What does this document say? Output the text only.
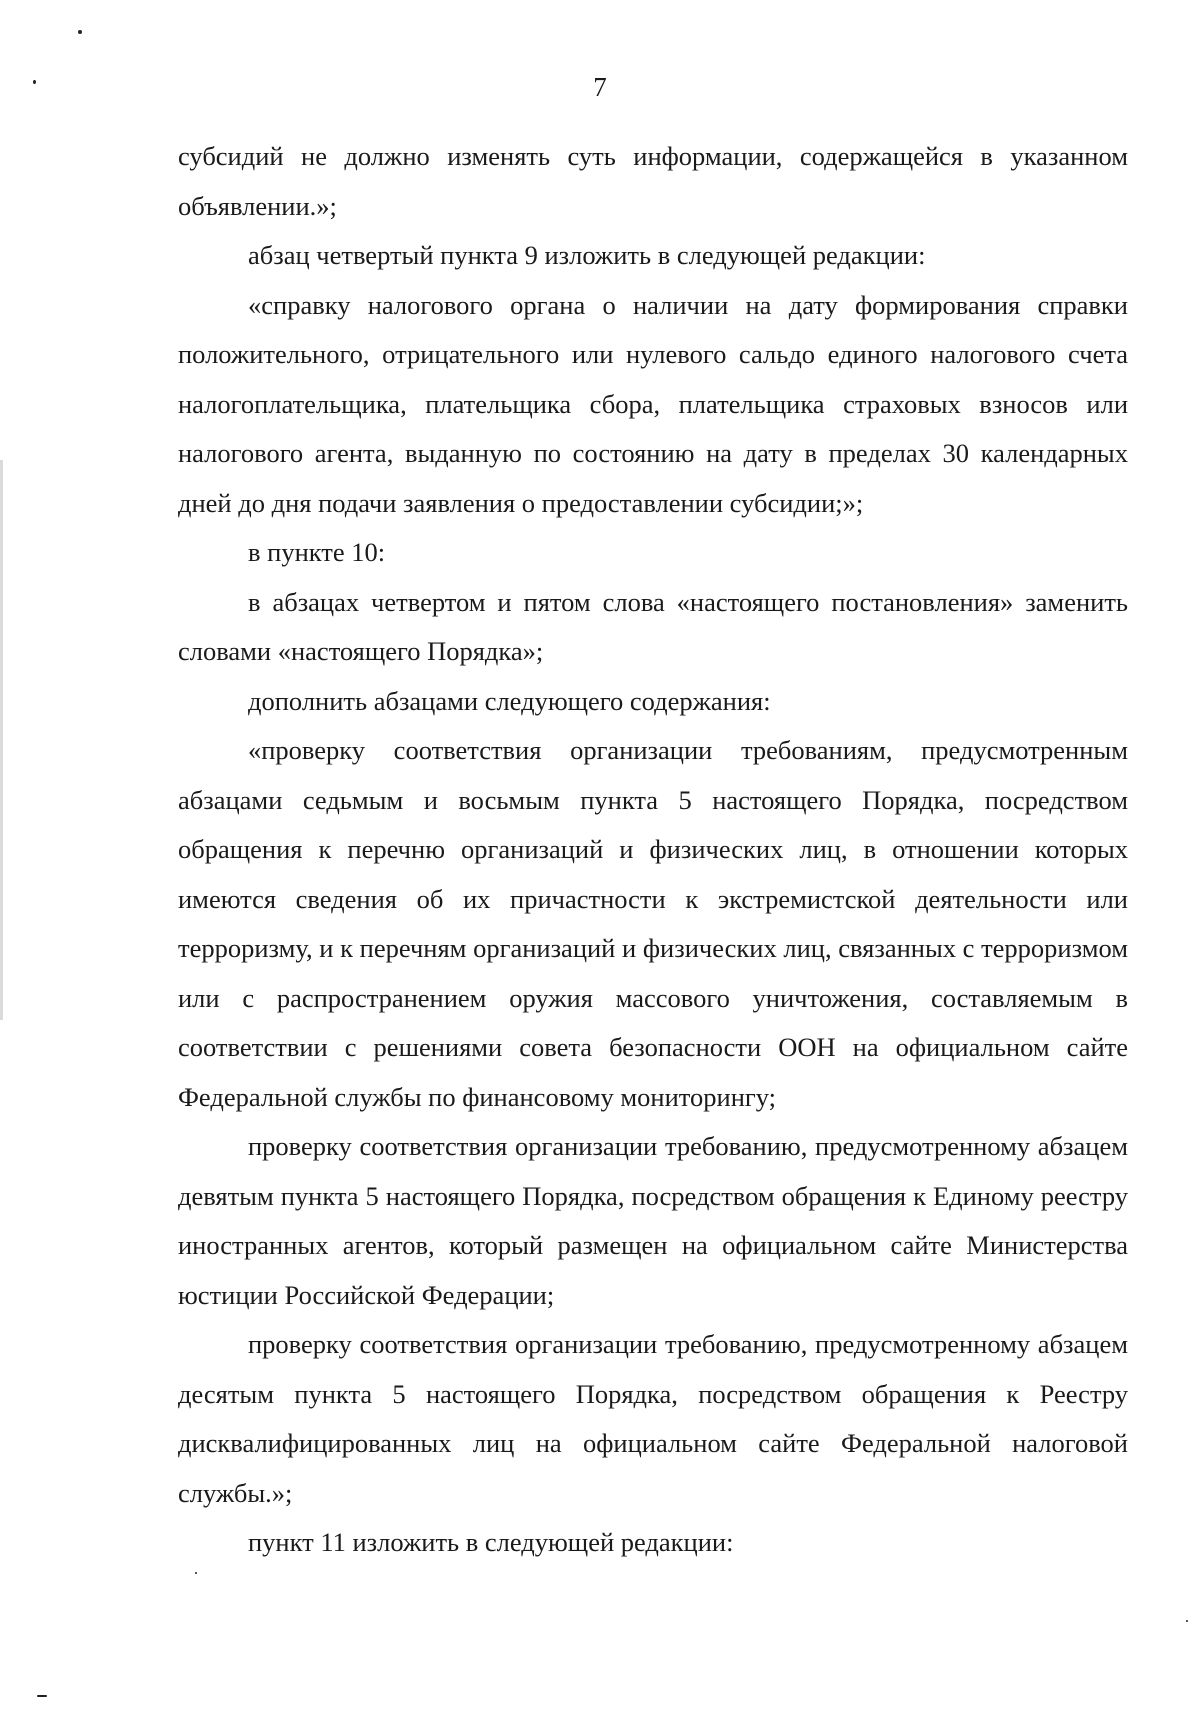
7

субсидий не должно изменять суть информации, содержащейся в указанном объявлении.»;

абзац четвертый пункта 9 изложить в следующей редакции:

«справку налогового органа о наличии на дату формирования справки положительного, отрицательного или нулевого сальдо единого налогового счета налогоплательщика, плательщика сбора, плательщика страховых взносов или налогового агента, выданную по состоянию на дату в пределах 30 календарных дней до дня подачи заявления о предоставлении субсидии;»;

в пункте 10:

в абзацах четвертом и пятом слова «настоящего постановления» заменить словами «настоящего Порядка»;

дополнить абзацами следующего содержания:

«проверку соответствия организации требованиям, предусмотренным абзацами седьмым и восьмым пункта 5 настоящего Порядка, посредством обращения к перечню организаций и физических лиц, в отношении которых имеются сведения об их причастности к экстремистской деятельности или терроризму, и к перечням организаций и физических лиц, связанных с терроризмом или с распространением оружия массового уничтожения, составляемым в соответствии с решениями совета безопасности ООН на официальном сайте Федеральной службы по финансовому мониторингу;

проверку соответствия организации требованию, предусмотренному абзацем девятым пункта 5 настоящего Порядка, посредством обращения к Единому реестру иностранных агентов, который размещен на официальном сайте Министерства юстиции Российской Федерации;

проверку соответствия организации требованию, предусмотренному абзацем десятым пункта 5 настоящего Порядка, посредством обращения к Реестру дисквалифицированных лиц на официальном сайте Федеральной налоговой службы.»;

пункт 11 изложить в следующей редакции:
